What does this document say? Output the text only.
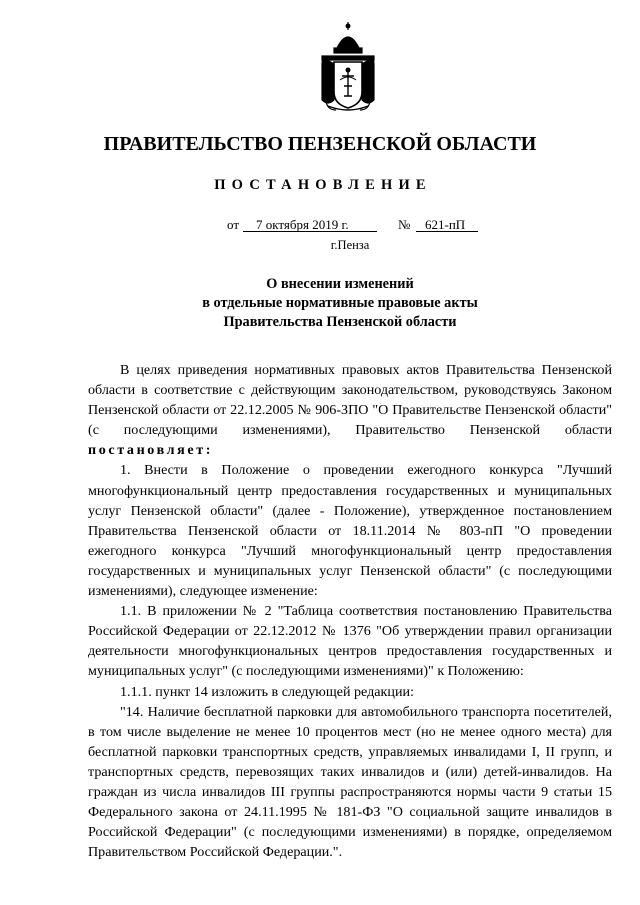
ПРАВИТЕЛЬСТВО ПЕНЗЕНСКОЙ ОБЛАСТИ
ПОСТАНОВЛЕНИЕ
от 7 октября 2019 г.	№ 621-пП
г.Пенза
О внесении изменений
в отдельные нормативные правовые акты
Правительства Пензенской области

В целях приведения нормативных правовых актов Правительства Пензенской области в соответствие с действующим законодательством, руководствуясь Законом Пензенской области от 22.12.2005 № 906-ЗПО "О Правительстве Пензенской области" (с последующими изменениями), Правительство Пензенской области постановляет:

1. Внести в Положение о проведении ежегодного конкурса "Лучший многофункциональный центр предоставления государственных и муниципальных услуг Пензенской области" (далее - Положение), утвержденное постановлением Правительства Пензенской области от 18.11.2014 № 803-пП "О проведении ежегодного конкурса "Лучший многофункциональный центр предоставления государственных и муниципальных услуг Пензенской области" (с последующими изменениями), следующее изменение:

1.1. В приложении № 2 "Таблица соответствия постановлению Правительства Российской Федерации от 22.12.2012 № 1376 "Об утверждении правил организации деятельности многофункциональных центров предоставления государственных и муниципальных услуг" (с последующими изменениями)" к Положению:

1.1.1. пункт 14 изложить в следующей редакции:

"14. Наличие бесплатной парковки для автомобильного транспорта посетителей, в том числе выделение не менее 10 процентов мест (но не менее одного места) для бесплатной парковки транспортных средств, управляемых инвалидами I, II групп, и транспортных средств, перевозящих таких инвалидов и (или) детей-инвалидов. На граждан из числа инвалидов III группы распространяются нормы части 9 статьи 15 Федерального закона от 24.11.1995 № 181-ФЗ "О социальной защите инвалидов в Российской Федерации" (с последующими изменениями) в порядке, определяемом Правительством Российской Федерации.".
